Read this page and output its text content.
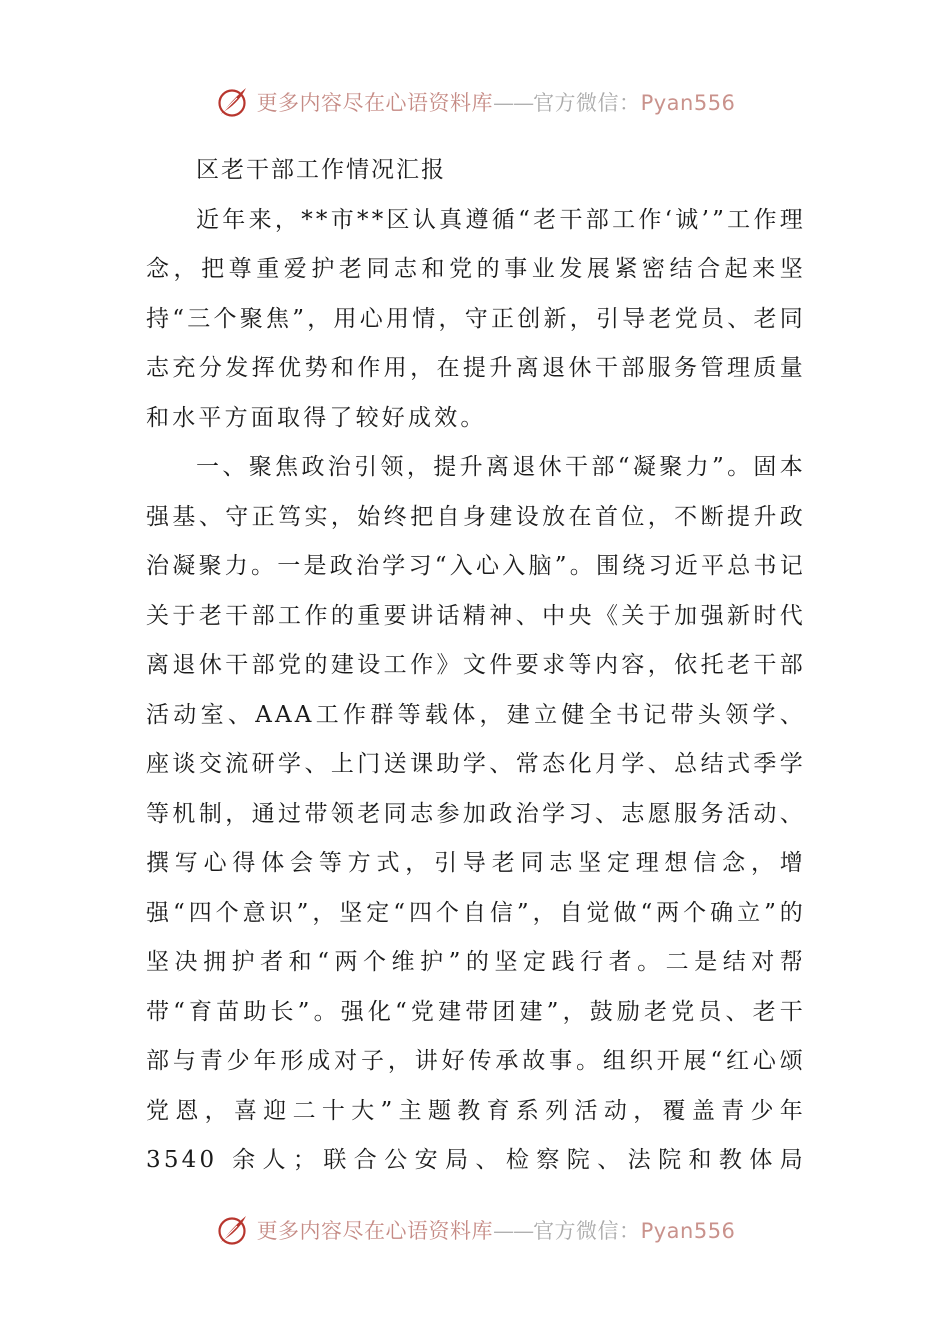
更多内容尽在心语资料库——官方微信：Pyan556
区老干部工作情况汇报

近年来，**市**区认真遵循“老干部工作‘诚’”工作理念，把尊重爱护老同志和党的事业发展紧密结合起来坚持“三个聚焦”，用心用情，守正创新，引导老党员、老同志充分发挥优势和作用，在提升离退休干部服务管理质量和水平方面取得了较好成效。

一、聚焦政治引领，提升离退休干部“凝聚力”。固本强基、守正笃实，始终把自身建设放在首位，不断提升政治凝聚力。一是政治学习“入心入脑”。围绕习近平总书记关于老干部工作的重要讲话精神、中央《关于加强新时代离退休干部党的建设工作》文件要求等内容，依托老干部活动室、AAA工作群等载体，建立健全书记带头领学、座谈交流研学、上门送课助学、常态化月学、总结式季学等机制，通过带领老同志参加政治学习、志愿服务活动、撰写心得体会等方式，引导老同志坚定理想信念，增强“四个意识”，坚定“四个自信”，自觉做“两个确立”的坚决拥护者和“两个维护”的坚定践行者。二是结对帮带“育苗助长”。强化“党建带团建”，鼓励老党员、老干部与青少年形成对子，讲好传承故事。组织开展“红心颂党恩，喜迎二十大”主题教育系列活动，覆盖青少年3540 余人；联合公安局、检察院、法院和教体局

更多内容尽在心语资料库——官方微信：Pyan556
